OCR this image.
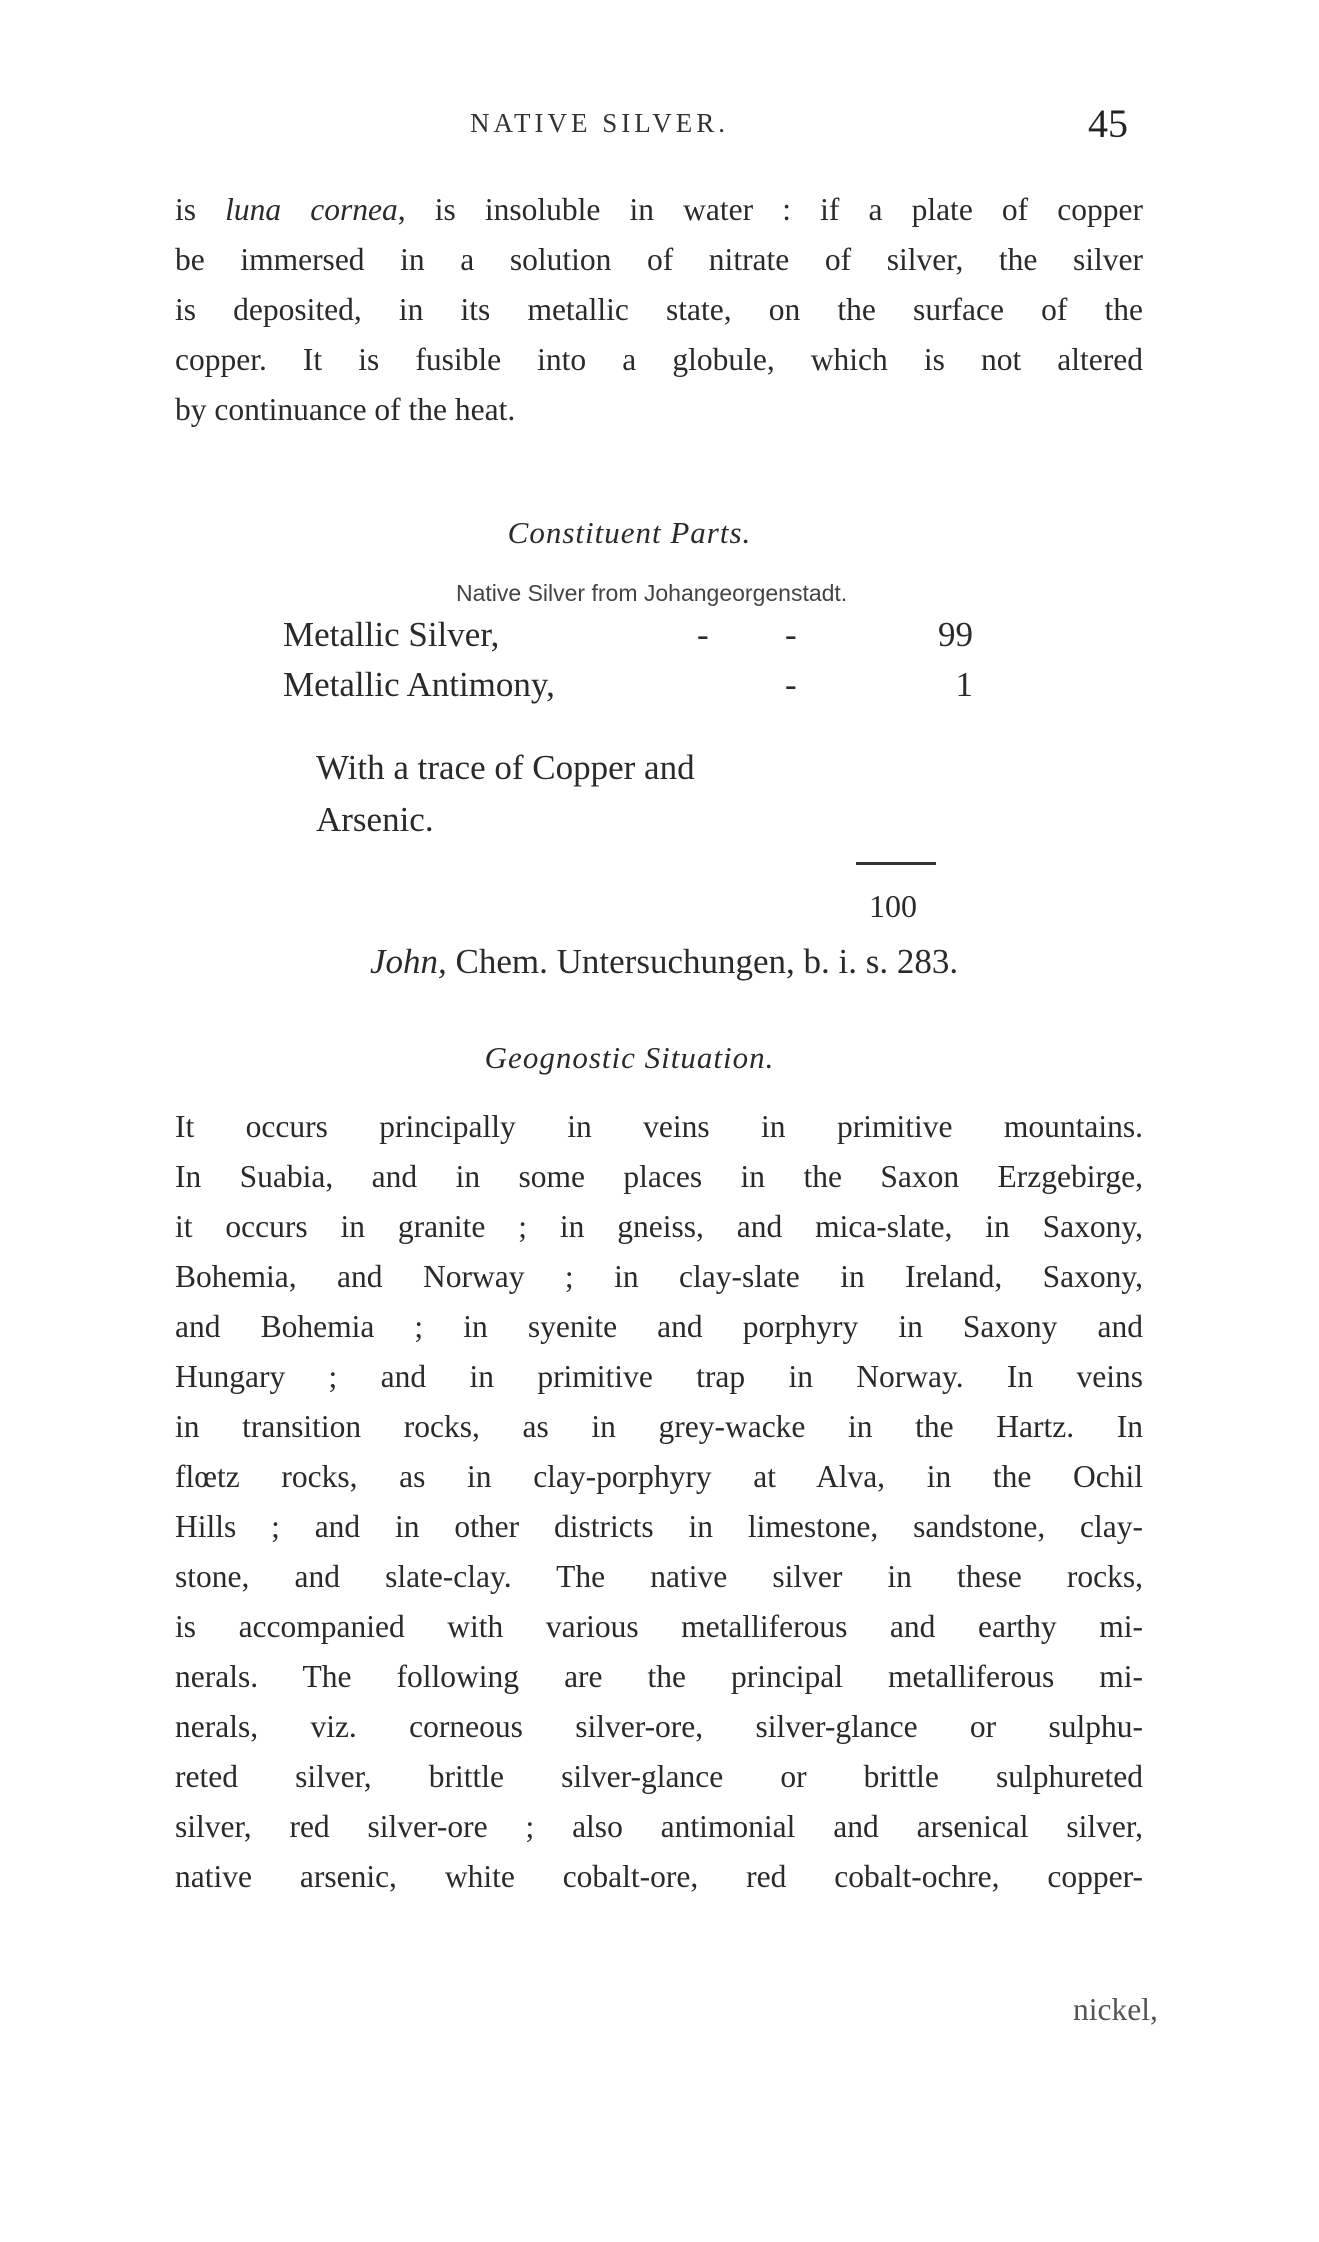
NATIVE SILVER.	45
is luna cornea, is insoluble in water : if a plate of copper
be immersed in a solution of nitrate of silver, the silver
is deposited, in its metallic state, on the surface of the
copper. It is fusible into a globule, which is not altered
by continuance of the heat.
Constituent Parts.
Native Silver from Johangeorgenstadt.
Metallic Silver,	- -	99
Metallic Antimony,	-	1
With a trace of Copper and
Arsenic.
100
John, Chem. Untersuchungen, b. i. s. 283.
Geognostic Situation.
It occurs principally in veins in primitive mountains.
In Suabia, and in some places in the Saxon Erzgebirge,
it occurs in granite ; in gneiss, and mica-slate, in Saxony,
Bohemia, and Norway ; in clay-slate in Ireland, Saxony,
and Bohemia ; in syenite and porphyry in Saxony and
Hungary ; and in primitive trap in Norway. In veins
in transition rocks, as in grey-wacke in the Hartz. In
flœtz rocks, as in clay-porphyry at Alva, in the Ochil
Hills ; and in other districts in limestone, sandstone, clay-
stone, and slate-clay. The native silver in these rocks,
is accompanied with various metalliferous and earthy mi-
nerals. The following are the principal metalliferous mi-
nerals, viz. corneous silver-ore, silver-glance or sulphu-
reted silver, brittle silver-glance or brittle sulphureted
silver, red silver-ore ; also antimonial and arsenical silver,
native arsenic, white cobalt-ore, red cobalt-ochre, copper-
nickel,
